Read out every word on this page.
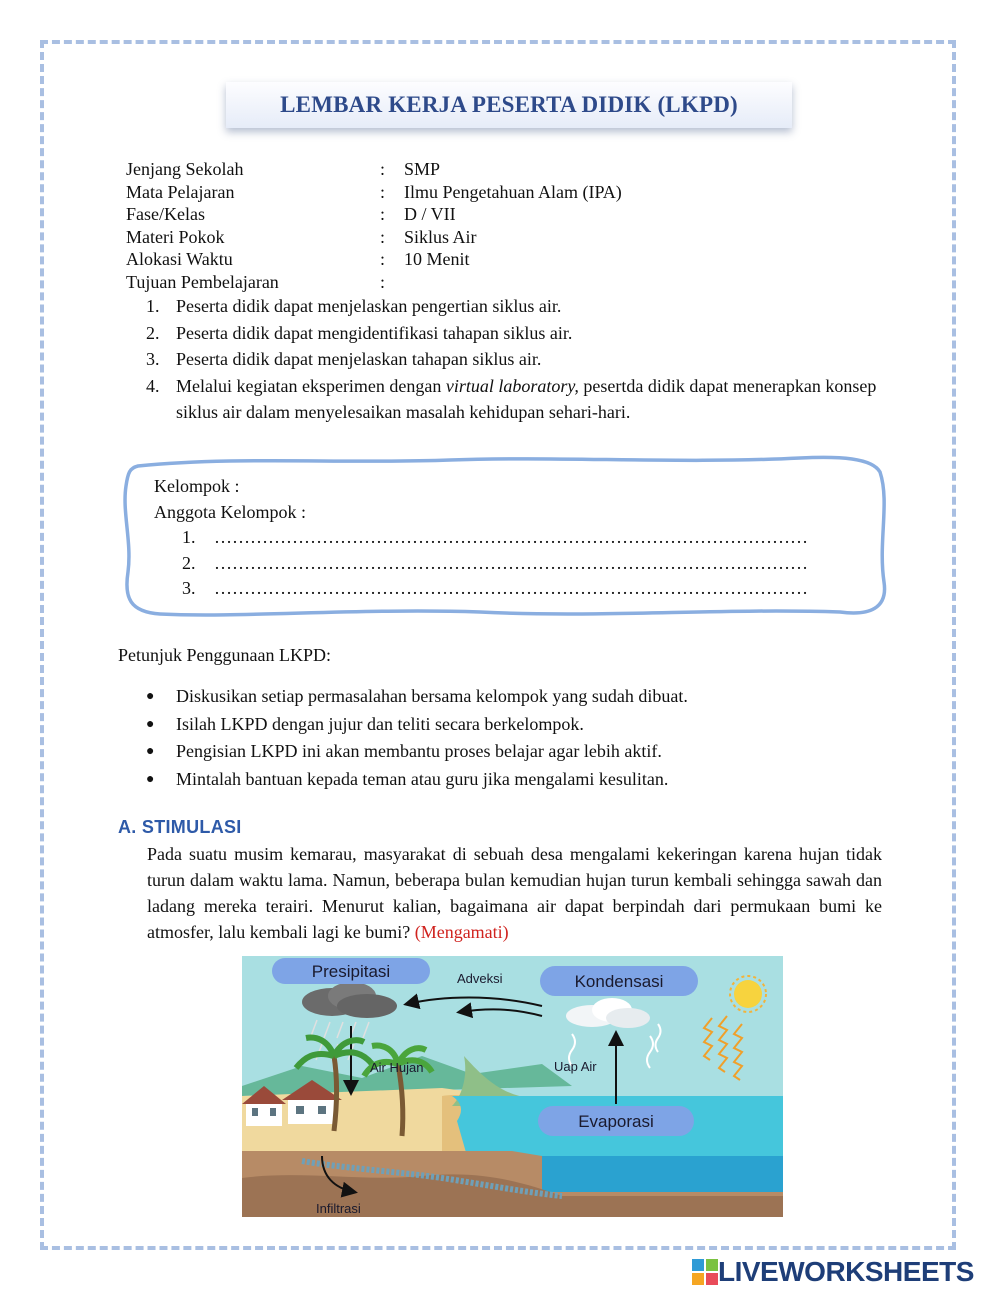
LEMBAR KERJA PESERTA DIDIK (LKPD)
Jenjang Sekolah	:	SMP
Mata Pelajaran	:	Ilmu Pengetahuan Alam (IPA)
Fase/Kelas	:	D / VII
Materi Pokok	:	Siklus Air
Alokasi Waktu	:	10 Menit
Tujuan Pembelajaran	:
1. Peserta didik dapat menjelaskan pengertian siklus air.
2. Peserta didik dapat mengidentifikasi tahapan siklus air.
3. Peserta didik dapat menjelaskan tahapan siklus air.
4. Melalui kegiatan eksperimen dengan virtual laboratory, pesertda didik dapat menerapkan konsep siklus air dalam menyelesaikan masalah kehidupan sehari-hari.
Kelompok :
Anggota Kelompok :
1.	………………………………………………………………………………………
2.	………………………………………………………………………………………
3.	………………………………………………………………………………………
Petunjuk Penggunaan LKPD:
●	Diskusikan setiap permasalahan bersama kelompok yang sudah dibuat.
●	Isilah LKPD dengan jujur dan teliti secara berkelompok.
●	Pengisian LKPD ini akan membantu proses belajar agar lebih aktif.
●	Mintalah bantuan kepada teman atau guru jika mengalami kesulitan.
A. STIMULASI
Pada suatu musim kemarau, masyarakat di sebuah desa mengalami kekeringan karena hujan tidak turun dalam waktu lama. Namun, beberapa bulan kemudian hujan turun kembali sehingga sawah dan ladang mereka terairi. Menurut kalian, bagaimana air dapat berpindah dari permukaan bumi ke atmosfer, lalu kembali lagi ke bumi? (Mengamati)
Presipitasi
Kondensasi
Evaporasi
Adveksi
Air Hujan	Uap Air
Infiltrasi
LIVEWORKSHEETS
